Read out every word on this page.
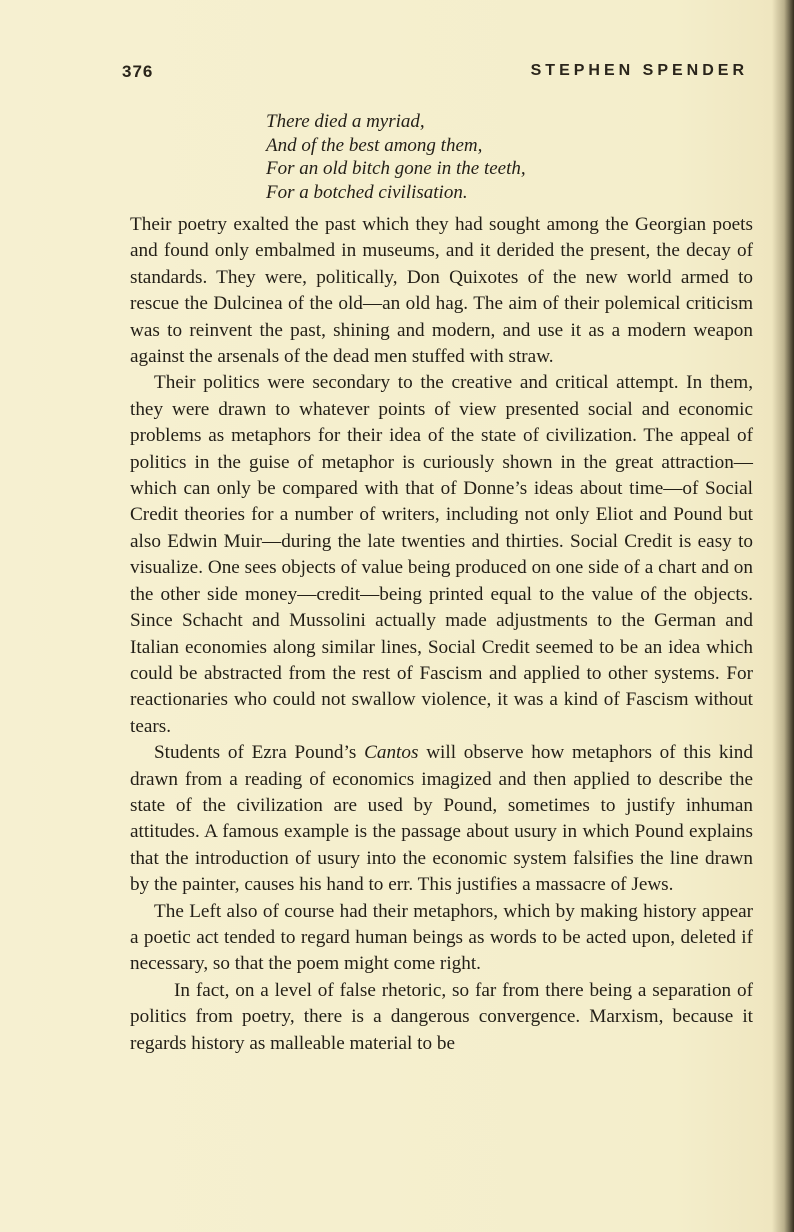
376	STEPHEN SPENDER
There died a myriad,
And of the best among them,
For an old bitch gone in the teeth,
For a botched civilisation.

Their poetry exalted the past which they had sought among the Georgian poets and found only embalmed in museums, and it derided the present, the decay of standards. They were, politically, Don Quixotes of the new world armed to rescue the Dulcinea of the old—an old hag. The aim of their polemical criticism was to reinvent the past, shining and modern, and use it as a modern weapon against the arsenals of the dead men stuffed with straw.

Their politics were secondary to the creative and critical attempt. In them, they were drawn to whatever points of view presented social and economic problems as metaphors for their idea of the state of civilization. The appeal of politics in the guise of metaphor is curiously shown in the great attraction—which can only be compared with that of Donne’s ideas about time—of Social Credit theories for a number of writers, including not only Eliot and Pound but also Edwin Muir—during the late twenties and thirties. Social Credit is easy to visualize. One sees objects of value being produced on one side of a chart and on the other side money—credit—being printed equal to the value of the objects. Since Schacht and Mussolini actually made adjustments to the German and Italian economies along similar lines, Social Credit seemed to be an idea which could be abstracted from the rest of Fascism and applied to other systems. For reactionaries who could not swallow violence, it was a kind of Fascism without tears.

Students of Ezra Pound’s Cantos will observe how metaphors of this kind drawn from a reading of economics imagized and then applied to describe the state of the civilization are used by Pound, sometimes to justify inhuman attitudes. A famous example is the passage about usury in which Pound explains that the introduction of usury into the economic system falsifies the line drawn by the painter, causes his hand to err. This justifies a massacre of Jews.

The Left also of course had their metaphors, which by making history appear a poetic act tended to regard human beings as words to be acted upon, deleted if necessary, so that the poem might come right.

In fact, on a level of false rhetoric, so far from there being a separation of politics from poetry, there is a dangerous convergence. Marxism, because it regards history as malleable material to be
